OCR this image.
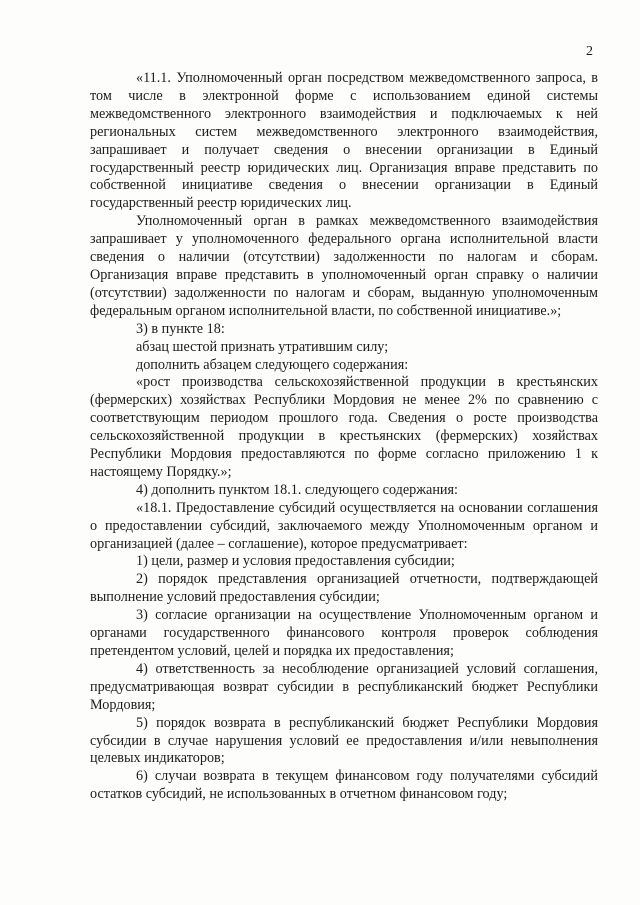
2

«11.1. Уполномоченный орган посредством межведомственного запроса, в том числе в электронной форме с использованием единой системы межведомственного электронного взаимодействия и подключаемых к ней региональных систем межведомственного электронного взаимодействия, запрашивает и получает сведения о внесении организации в Единый государственный реестр юридических лиц. Организация вправе представить по собственной инициативе сведения о внесении организации в Единый государственный реестр юридических лиц.

Уполномоченный орган в рамках межведомственного взаимодействия запрашивает у уполномоченного федерального органа исполнительной власти сведения о наличии (отсутствии) задолженности по налогам и сборам. Организация вправе представить в уполномоченный орган справку о наличии (отсутствии) задолженности по налогам и сборам, выданную уполномоченным федеральным органом исполнительной власти, по собственной инициативе.»;

3) в пункте 18:

абзац шестой признать утратившим силу;

дополнить абзацем следующего содержания:

«рост производства сельскохозяйственной продукции в крестьянских (фермерских) хозяйствах Республики Мордовия не менее 2% по сравнению с соответствующим периодом прошлого года. Сведения о росте производства сельскохозяйственной продукции в крестьянских (фермерских) хозяйствах Республики Мордовия предоставляются по форме согласно приложению 1 к настоящему Порядку.»;

4) дополнить пунктом 18.1. следующего содержания:

«18.1. Предоставление субсидий осуществляется на основании соглашения о предоставлении субсидий, заключаемого между Уполномоченным органом и организацией (далее – соглашение), которое предусматривает:

1) цели, размер и условия предоставления субсидии;

2) порядок представления организацией отчетности, подтверждающей выполнение условий предоставления субсидии;

3) согласие организации на осуществление Уполномоченным органом и органами государственного финансового контроля проверок соблюдения претендентом условий, целей и порядка их предоставления;

4) ответственность за несоблюдение организацией условий соглашения, предусматривающая возврат субсидии в республиканский бюджет Республики Мордовия;

5) порядок возврата в республиканский бюджет Республики Мордовия субсидии в случае нарушения условий ее предоставления и/или невыполнения целевых индикаторов;

6) случаи возврата в текущем финансовом году получателями субсидий остатков субсидий, не использованных в отчетном финансовом году;
